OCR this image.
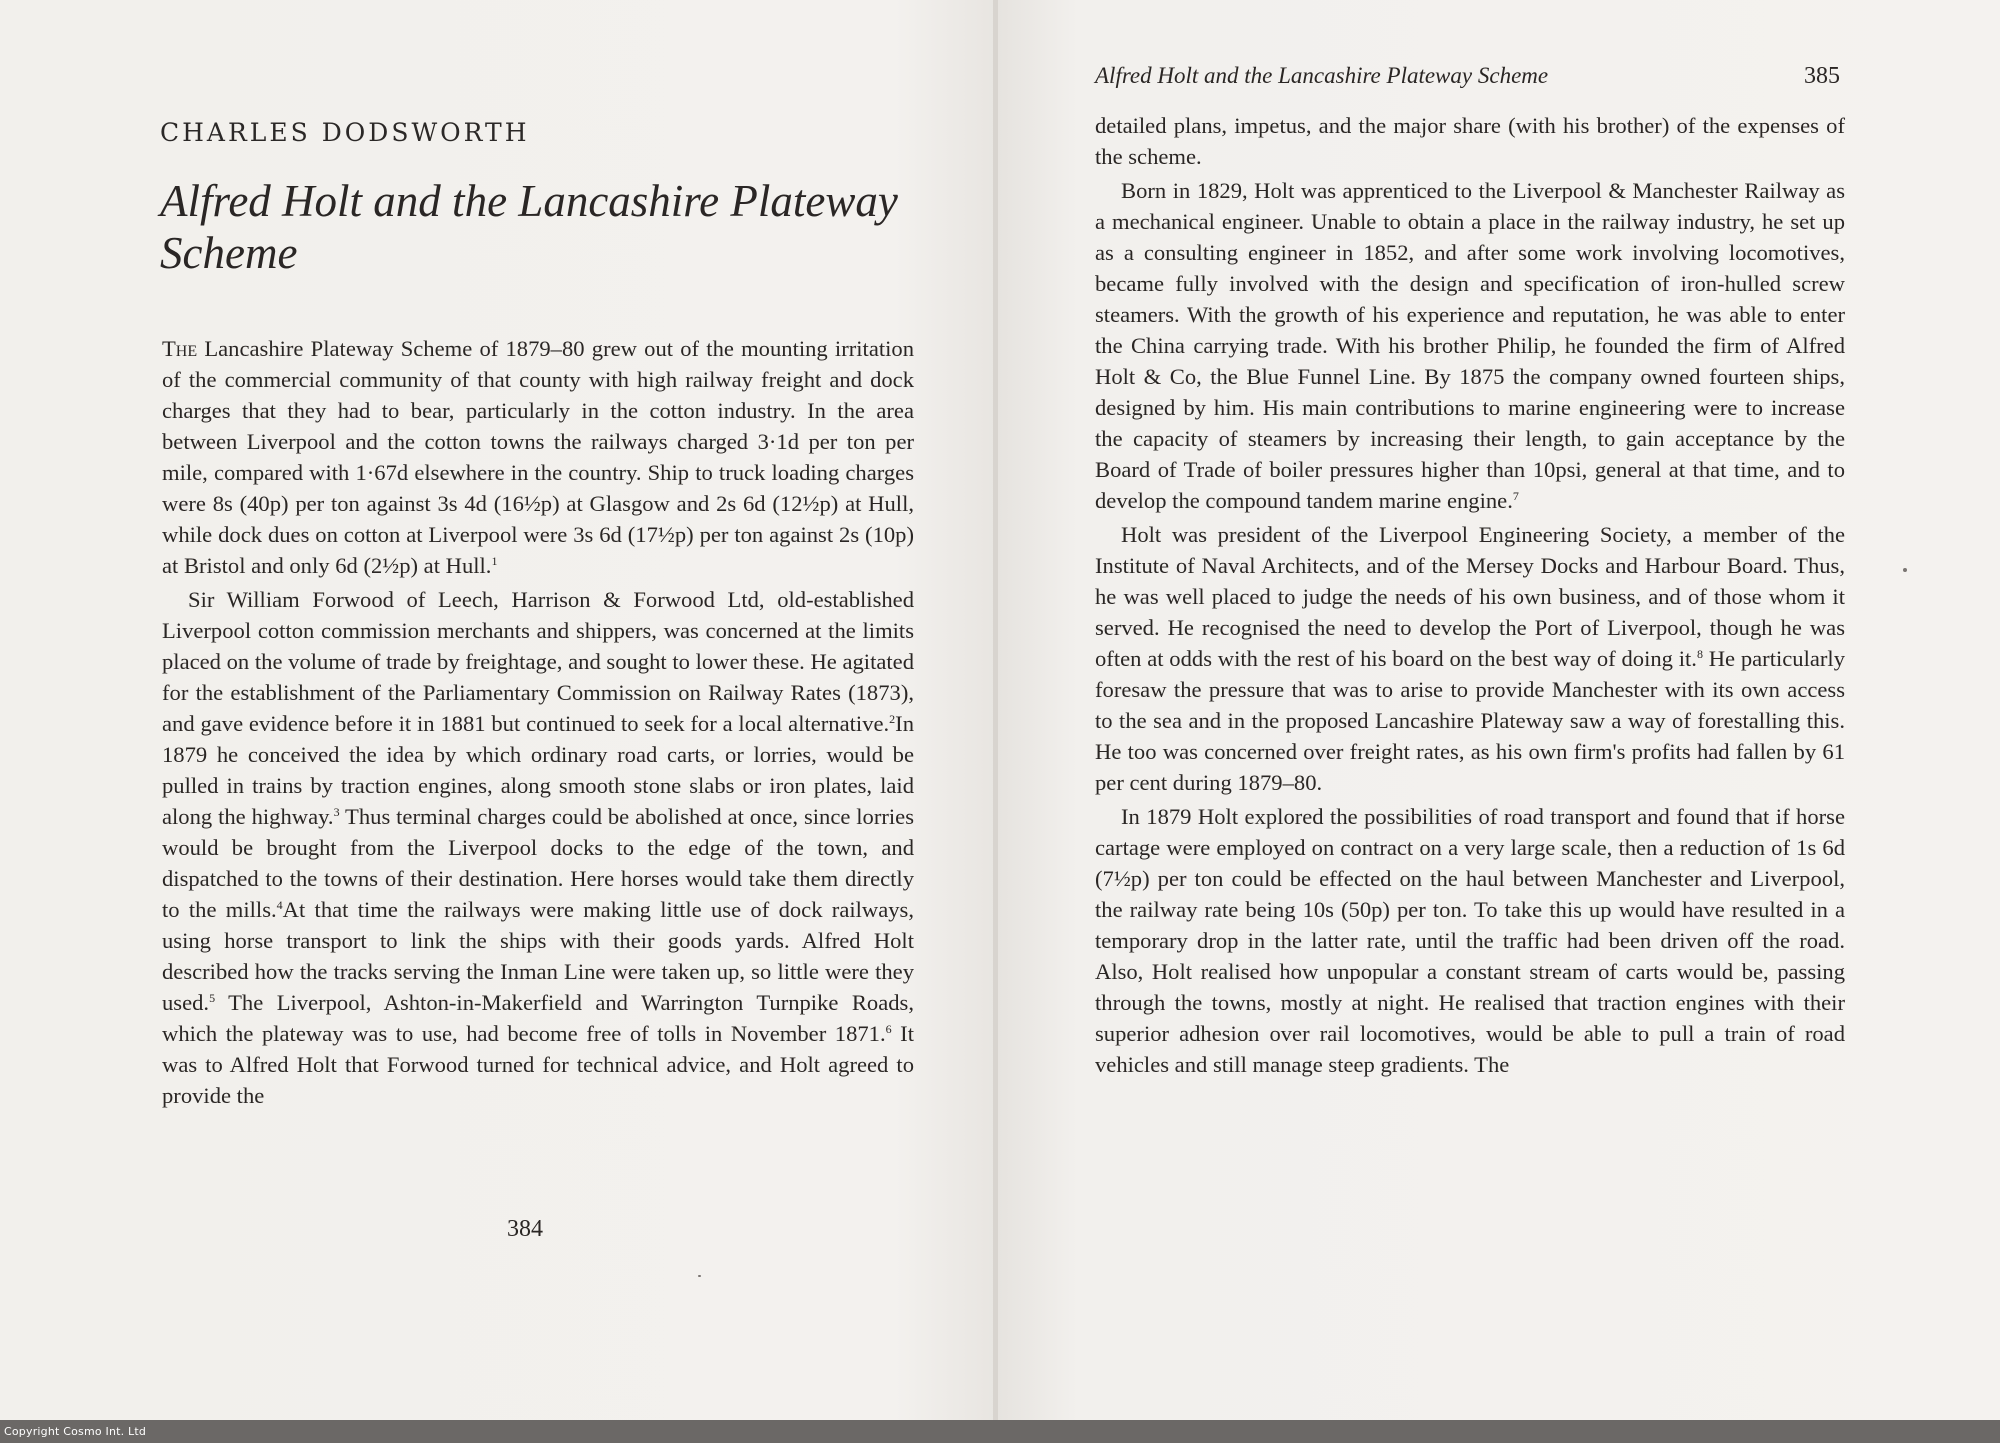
CHARLES DODSWORTH
Alfred Holt and the Lancashire Plateway Scheme

The Lancashire Plateway Scheme of 1879–80 grew out of the mounting irritation of the commercial community of that county with high railway freight and dock charges that they had to bear, particularly in the cotton industry. In the area between Liverpool and the cotton towns the railways charged 3·1d per ton per mile, compared with 1·67d elsewhere in the country. Ship to truck loading charges were 8s (40p) per ton against 3s 4d (16½p) at Glasgow and 2s 6d (12½p) at Hull, while dock dues on cotton at Liverpool were 3s 6d (17½p) per ton against 2s (10p) at Bristol and only 6d (2½p) at Hull.$^1$

Sir William Forwood of Leech, Harrison & Forwood Ltd, old-established Liverpool cotton commission merchants and shippers, was concerned at the limits placed on the volume of trade by freightage, and sought to lower these. He agitated for the establishment of the Parliamentary Commission on Railway Rates (1873), and gave evidence before it in 1881 but continued to seek for a local alternative.$^2$In 1879 he conceived the idea by which ordinary road carts, or lorries, would be pulled in trains by traction engines, along smooth stone slabs or iron plates, laid along the highway.$^3$ Thus terminal charges could be abolished at once, since lorries would be brought from the Liverpool docks to the edge of the town, and dispatched to the towns of their destination. Here horses would take them directly to the mills.$^4$At that time the railways were making little use of dock railways, using horse transport to link the ships with their goods yards. Alfred Holt described how the tracks serving the Inman Line were taken up, so little were they used.$^5$ The Liverpool, Ashton-in-Makerfield and Warrington Turnpike Roads, which the plateway was to use, had become free of tolls in November 1871.$^6$ It was to Alfred Holt that Forwood turned for technical advice, and Holt agreed to provide the

384
Alfred Holt and the Lancashire Plateway Scheme	385

detailed plans, impetus, and the major share (with his brother) of the expenses of the scheme.

Born in 1829, Holt was apprenticed to the Liverpool & Manchester Railway as a mechanical engineer. Unable to obtain a place in the railway industry, he set up as a consulting engineer in 1852, and after some work involving locomotives, became fully involved with the design and specification of iron-hulled screw steamers. With the growth of his experience and reputation, he was able to enter the China carrying trade. With his brother Philip, he founded the firm of Alfred Holt & Co, the Blue Funnel Line. By 1875 the company owned fourteen ships, designed by him. His main contributions to marine engineering were to increase the capacity of steamers by increasing their length, to gain acceptance by the Board of Trade of boiler pressures higher than 10psi, general at that time, and to develop the compound tandem marine engine.$^7$

Holt was president of the Liverpool Engineering Society, a member of the Institute of Naval Architects, and of the Mersey Docks and Harbour Board. Thus, he was well placed to judge the needs of his own business, and of those whom it served. He recognised the need to develop the Port of Liverpool, though he was often at odds with the rest of his board on the best way of doing it.$^8$ He particularly foresaw the pressure that was to arise to provide Manchester with its own access to the sea and in the proposed Lancashire Plateway saw a way of forestalling this. He too was concerned over freight rates, as his own firm's profits had fallen by 61 per cent during 1879–80.

In 1879 Holt explored the possibilities of road transport and found that if horse cartage were employed on contract on a very large scale, then a reduction of 1s 6d (7½p) per ton could be effected on the haul between Manchester and Liverpool, the railway rate being 10s (50p) per ton. To take this up would have resulted in a temporary drop in the latter rate, until the traffic had been driven off the road. Also, Holt realised how unpopular a constant stream of carts would be, passing through the towns, mostly at night. He realised that traction engines with their superior adhesion over rail locomotives, would be able to pull a train of road vehicles and still manage steep gradients. The

Copyright Cosmo Int. Ltd
